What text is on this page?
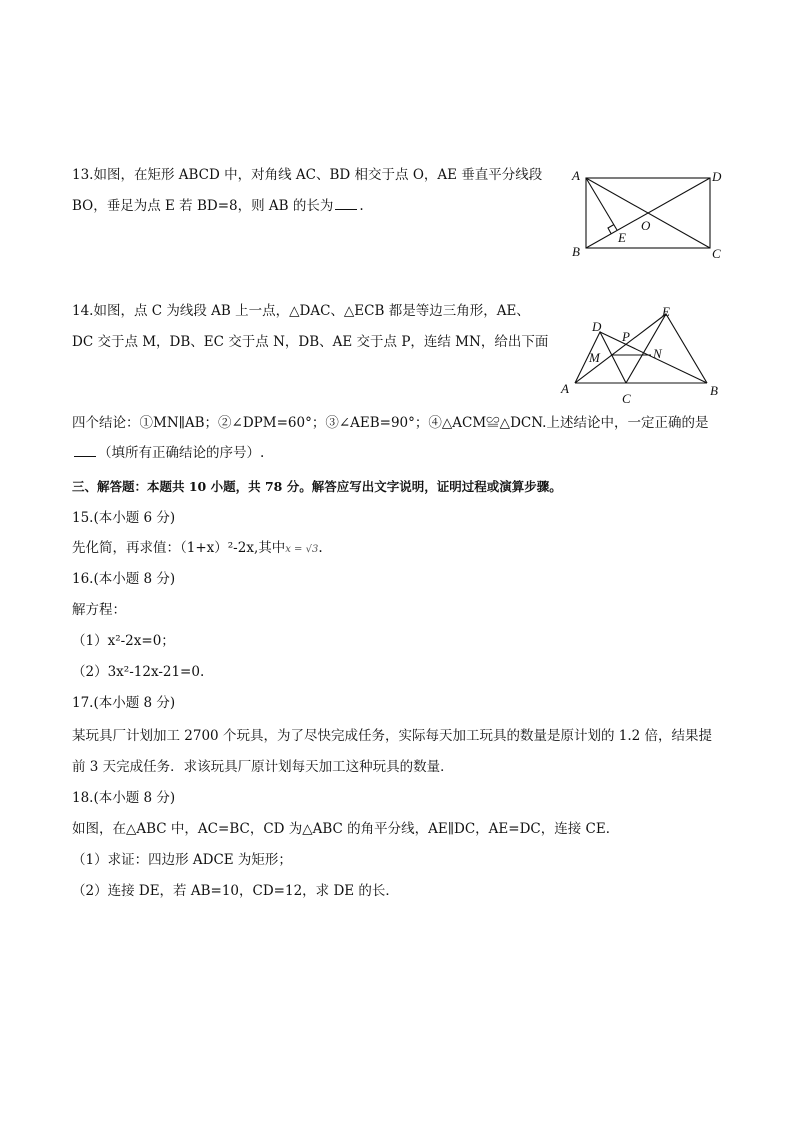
13.如图，在矩形 ABCD 中，对角线 AC、BD 相交于点 O，AE 垂直平分线段
BO，垂足为点 E 若 BD=8，则 AB 的长为 .
A	D
B	C
E
O
14.如图，点 C 为线段 AB 上一点，△DAC、△ECB 都是等边三角形，AE、
DC 交于点 M，DB、EC 交于点 N，DB、AE 交于点 P，连结 MN，给出下面
四个结论：①MN∥AB；②∠DPM=60°；③∠AEB=90°；④△ACM≌△DCN.上述结论中，一定正确的是
（填所有正确结论的序号）.
A	B
C
D
E
M	N
P
三、解答题：本题共 10 小题，共 78 分。解答应写出文字说明，证明过程或演算步骤。
15.(本小题 6 分)
先化简，再求值：（1+x）²-2x,其中x = √3.
16.(本小题 8 分)
解方程：
（1）x²-2x=0；
（2）3x²-12x-21=0.
17.(本小题 8 分)
某玩具厂计划加工 2700 个玩具，为了尽快完成任务，实际每天加工玩具的数量是原计划的 1.2 倍，结果提
前 3 天完成任务．求该玩具厂原计划每天加工这种玩具的数量．
18.(本小题 8 分)
如图，在△ABC 中，AC=BC，CD 为△ABC 的角平分线，AE∥DC，AE=DC，连接 CE．
（1）求证：四边形 ADCE 为矩形；
（2）连接 DE，若 AB=10，CD=12，求 DE 的长．
